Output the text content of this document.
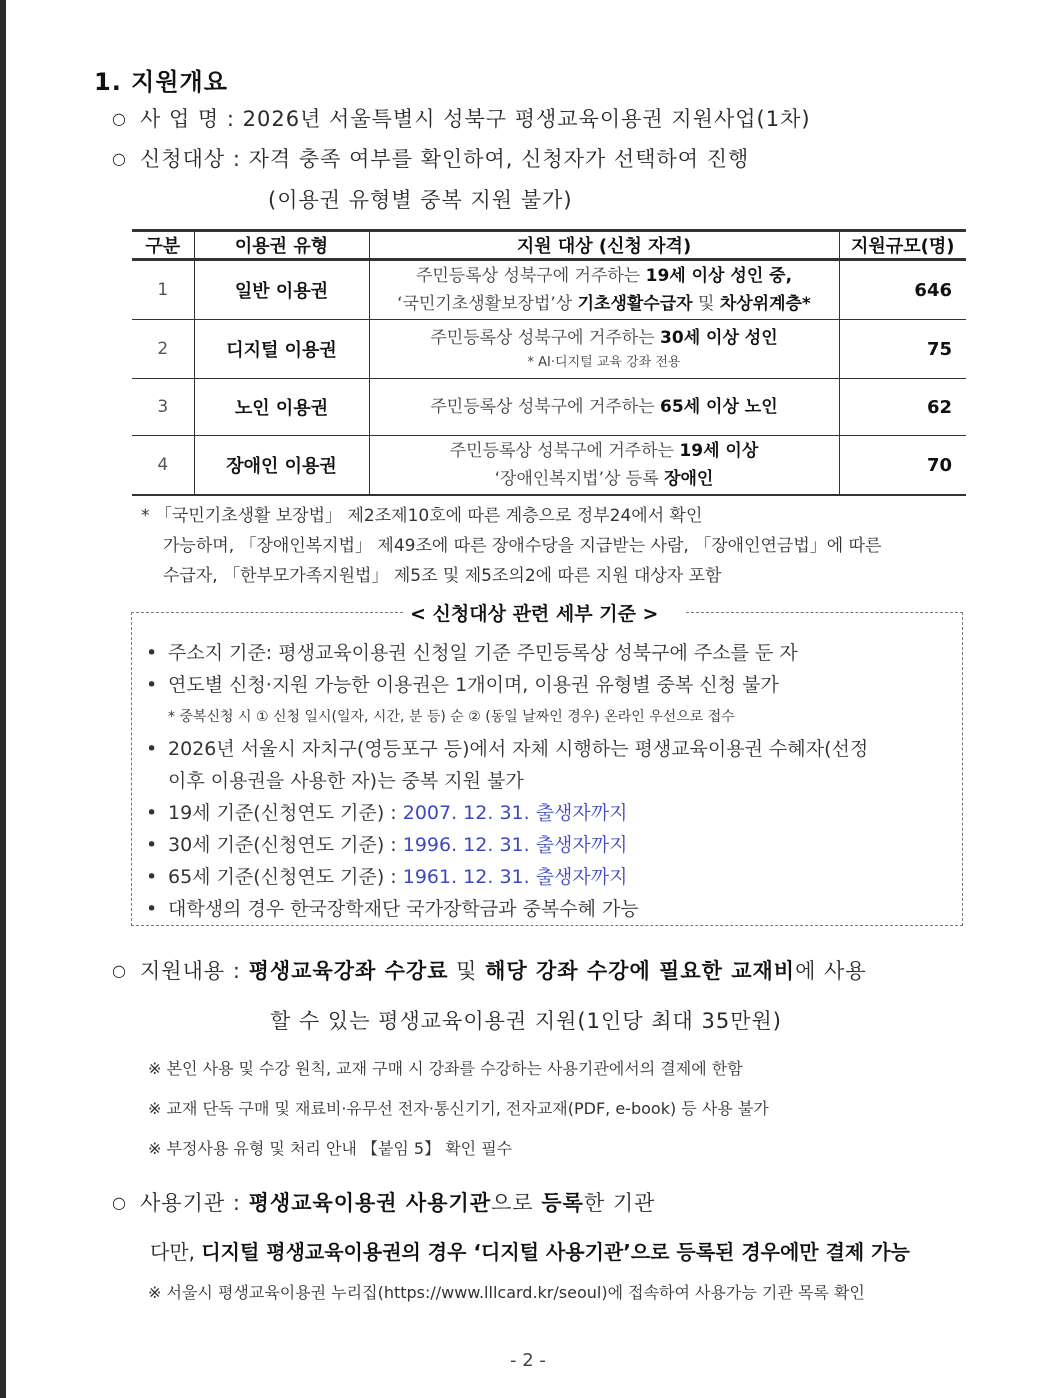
1. 지원개요
○ 사 업 명 : 2026년 서울특별시 성북구 평생교육이용권 지원사업(1차)
○ 신청대상 : 자격 충족 여부를 확인하여, 신청자가 선택하여 진행
(이용권 유형별 중복 지원 불가)
구분	이용권 유형	지원 대상 (신청 자격)	지원규모(명)
1	일반 이용권	주민등록상 성북구에 거주하는 19세 이상 성인 중,
‘국민기초생활보장법’상 기초생활수급자 및 차상위계층*	646
2	디지털 이용권	주민등록상 성북구에 거주하는 30세 이상 성인
* AI·디지털 교육 강좌 전용	75
3	노인 이용권	주민등록상 성북구에 거주하는 65세 이상 노인	62
4	장애인 이용권	주민등록상 성북구에 거주하는 19세 이상
‘장애인복지법’상 등록 장애인	70
* 「국민기초생활 보장법」 제2조제10호에 따른 계층으로 정부24에서 확인
가능하며, 「장애인복지법」 제49조에 따른 장애수당을 지급받는 사람, 「장애인연금법」에 따른
수급자, 「한부모가족지원법」 제5조 및 제5조의2에 따른 지원 대상자 포함
< 신청대상 관련 세부 기준 >
• 주소지 기준: 평생교육이용권 신청일 기준 주민등록상 성북구에 주소를 둔 자
• 연도별 신청·지원 가능한 이용권은 1개이며, 이용권 유형별 중복 신청 불가
* 중복신청 시 ① 신청 일시(일자, 시간, 분 등) 순 ② (동일 날짜인 경우) 온라인 우선으로 접수
• 2026년 서울시 자치구(영등포구 등)에서 자체 시행하는 평생교육이용권 수혜자(선정
이후 이용권을 사용한 자)는 중복 지원 불가
• 19세 기준(신청연도 기준) : 2007. 12. 31. 출생자까지
• 30세 기준(신청연도 기준) : 1996. 12. 31. 출생자까지
• 65세 기준(신청연도 기준) : 1961. 12. 31. 출생자까지
• 대학생의 경우 한국장학재단 국가장학금과 중복수혜 가능
○ 지원내용 : 평생교육강좌 수강료 및 해당 강좌 수강에 필요한 교재비에 사용
할 수 있는 평생교육이용권 지원(1인당 최대 35만원)
※ 본인 사용 및 수강 원칙, 교재 구매 시 강좌를 수강하는 사용기관에서의 결제에 한함
※ 교재 단독 구매 및 재료비·유무선 전자·통신기기, 전자교재(PDF, e-book) 등 사용 불가
※ 부정사용 유형 및 처리 안내 【붙임 5】 확인 필수
○ 사용기관 : 평생교육이용권 사용기관으로 등록한 기관
다만, 디지털 평생교육이용권의 경우 ‘디지털 사용기관’으로 등록된 경우에만 결제 가능
※ 서울시 평생교육이용권 누리집(https://www.lllcard.kr/seoul)에 접속하여 사용가능 기관 목록 확인
- 2 -
